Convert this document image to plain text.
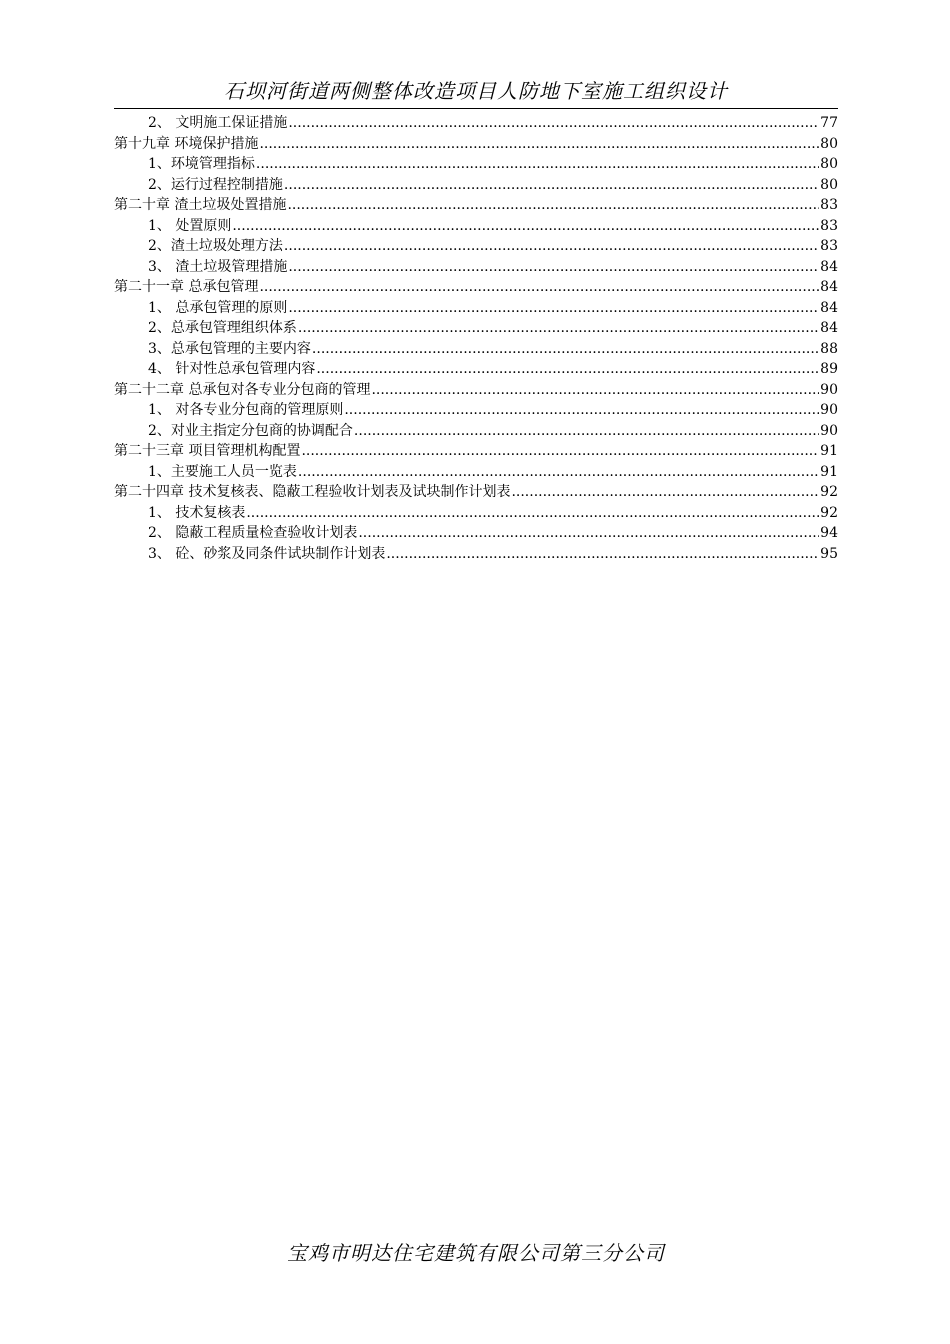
石坝河街道两侧整体改造项目人防地下室施工组织设计
2、 文明施工保证措施 .....	77
第十九章 环境保护措施 .....	80
1、环境管理指标 .....	80
2、运行过程控制措施 .....	80
第二十章 渣土垃圾处置措施 .....	83
1、 处置原则 .....	83
2、渣土垃圾处理方法 .....	83
3、 渣土垃圾管理措施 .....	84
第二十一章 总承包管理 .....	84
1、 总承包管理的原则 .....	84
2、总承包管理组织体系 .....	84
3、总承包管理的主要内容 .....	88
4、 针对性总承包管理内容 .....	89
第二十二章 总承包对各专业分包商的管理 .....	90
1、 对各专业分包商的管理原则 .....	90
2、对业主指定分包商的协调配合 .....	90
第二十三章 项目管理机构配置 .....	91
1、主要施工人员一览表 .....	91
第二十四章 技术复核表、隐蔽工程验收计划表及试块制作计划表 .....	92
1、 技术复核表 .....	92
2、 隐蔽工程质量检查验收计划表 .....	94
3、 砼、砂浆及同条件试块制作计划表 .....	95
宝鸡市明达住宅建筑有限公司第三分公司
